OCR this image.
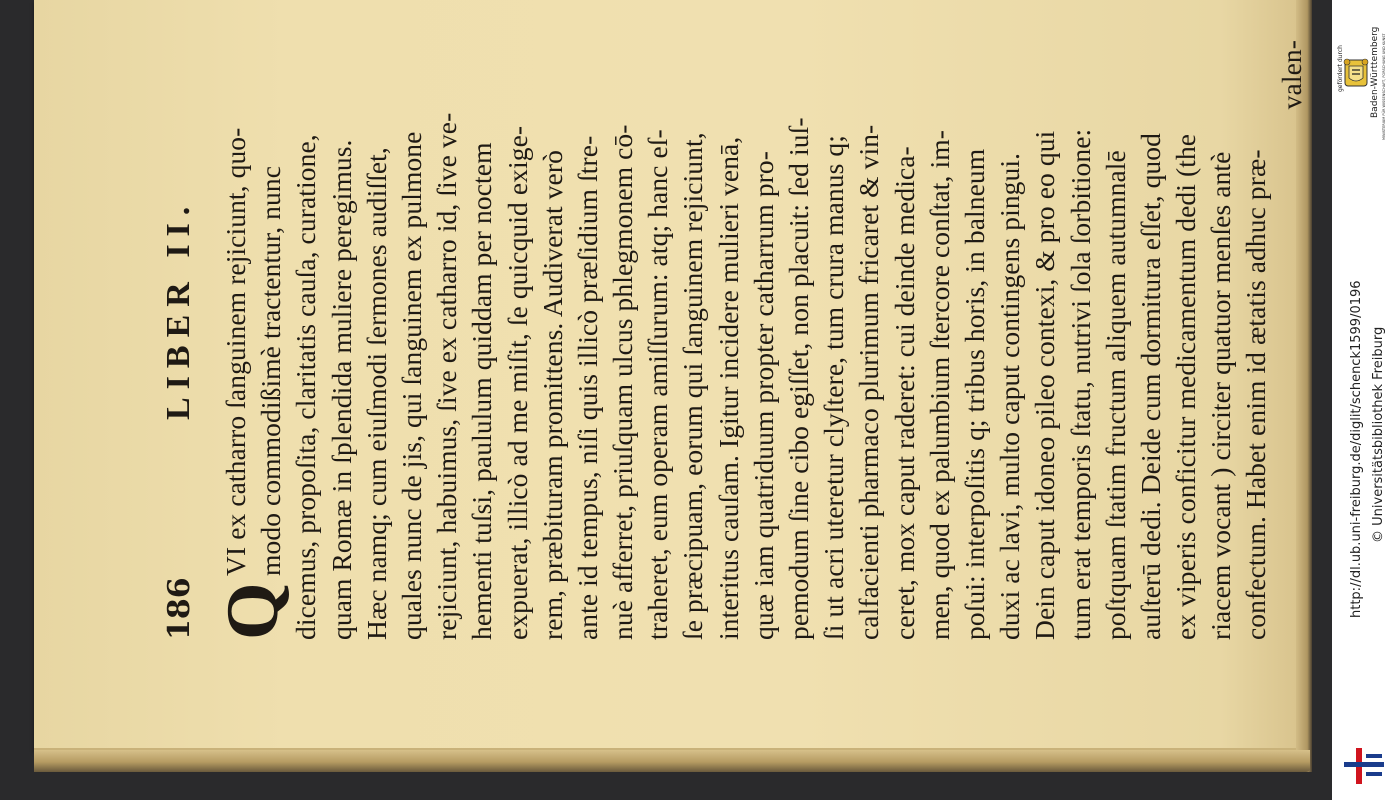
186
LIBER II.
Q
VI ex catharro ſanguinem rejiciunt, quo- modo commodißimè tractentur, nunc dicemus, propoſita, claritatis cauſa, curatione, quam Romæ in ſplendida muliere peregimus. Hæc namq; cum eiuſmodi ſermones audiſſet, quales nunc de jis, qui ſanguinem ex pulmone rejiciunt, habuimus, ſive ex catharro id, ſive ve- hementi tuſsi, paululum quiddam per noctem expuerat, illicò ad me miſit, ſe quicquid exige- rem, præbituram promittens. Audiverat verò ante id tempus, niſi quis illicò præſidium ſtre- nuè afferret, priuſquam ulcus phlegmonem cō- traheret, eum operam amiſſurum: atq; hanc eſ- ſe præcipuam, eorum qui ſanguinem rejiciunt, interitus cauſam. Igitur incidere mulieri venā, quæ iam quatriduum propter catharrum pro- pemodum ſine cibo egiſſet, non placuit: ſed iuſ- ſi ut acri uteretur clyſtere, tum crura manus q; calfacienti pharmaco plurimum fricaret & vin- ceret, mox caput raderet: cui deinde medica- men, quod ex palumbium ſtercore conſtat, im- poſui: interpoſitis q; tribus horis, in balneum duxi ac lavi, multo caput contingens pingui. Dein caput idoneo pileo contexi, & pro eo qui tum erat temporis ſtatu, nutrivi ſola ſorbitione: poſtquam ſtatim fructum aliquem autumnalē auſterū dedi. Deide cum dormitura eſſet, quod ex viperis conficitur medicamentum dedi (the riacem vocant ) circiter quatuor menſes antè confectum. Habet enim id ætatis adhuc præ-
valen-	gefördert durch	Baden-Württemberg MINISTERIUM FÜR WISSENSCHAFT, FORSCHUNG UND KUNST
http://dl.ub.uni-freiburg.de/diglit/schenck1599/0196 © Universitätsbibliothek Freiburg
